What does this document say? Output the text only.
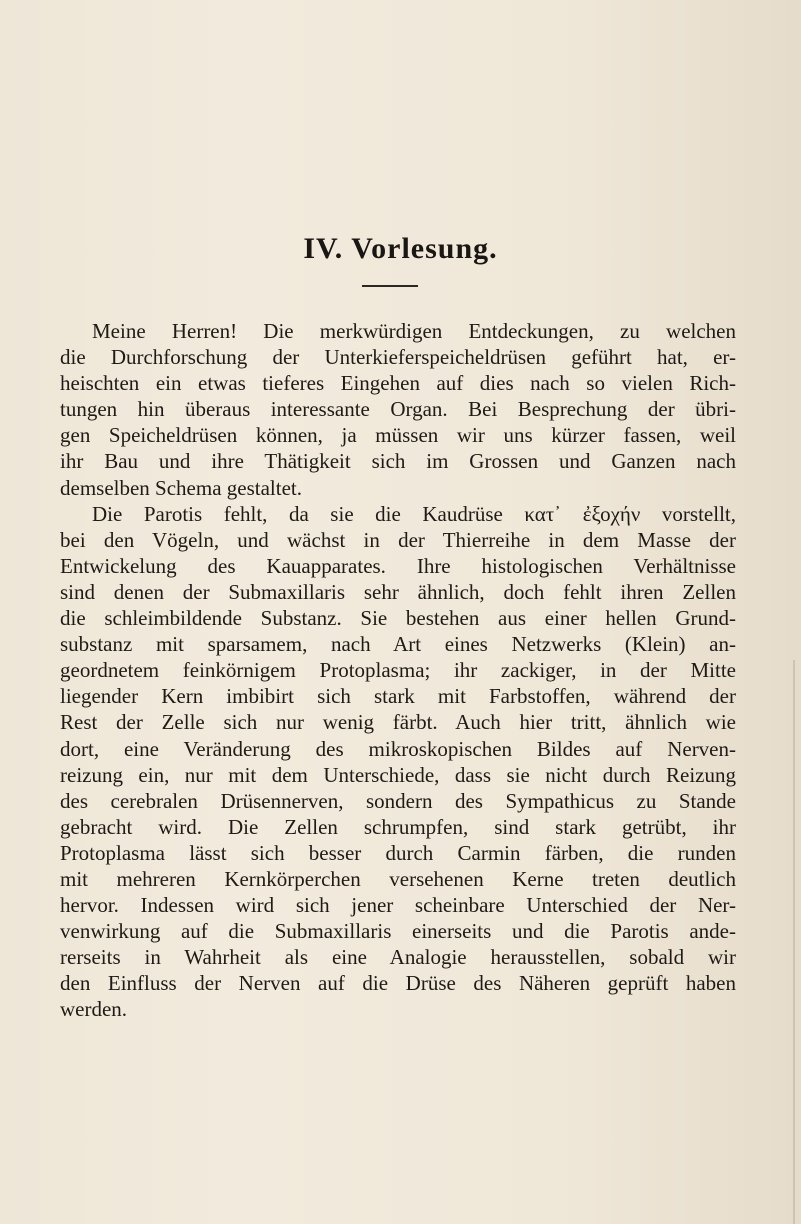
IV. Vorlesung.
Meine Herren! Die merkwürdigen Entdeckungen, zu welchen
die Durchforschung der Unterkieferspeicheldrüsen geführt hat, er-
heischten ein etwas tieferes Eingehen auf dies nach so vielen Rich-
tungen hin überaus interessante Organ. Bei Besprechung der übri-
gen Speicheldrüsen können, ja müssen wir uns kürzer fassen, weil
ihr Bau und ihre Thätigkeit sich im Grossen und Ganzen nach
demselben Schema gestaltet.
Die Parotis fehlt, da sie die Kaudrüse κατ᾽ ἐξοχήν vorstellt,
bei den Vögeln, und wächst in der Thierreihe in dem Masse der
Entwickelung des Kauapparates. Ihre histologischen Verhältnisse
sind denen der Submaxillaris sehr ähnlich, doch fehlt ihren Zellen
die schleimbildende Substanz. Sie bestehen aus einer hellen Grund-
substanz mit sparsamem, nach Art eines Netzwerks (Klein) an-
geordnetem feinkörnigem Protoplasma; ihr zackiger, in der Mitte
liegender Kern imbibirt sich stark mit Farbstoffen, während der
Rest der Zelle sich nur wenig färbt. Auch hier tritt, ähnlich wie
dort, eine Veränderung des mikroskopischen Bildes auf Nerven-
reizung ein, nur mit dem Unterschiede, dass sie nicht durch Reizung
des cerebralen Drüsennerven, sondern des Sympathicus zu Stande
gebracht wird. Die Zellen schrumpfen, sind stark getrübt, ihr
Protoplasma lässt sich besser durch Carmin färben, die runden
mit mehreren Kernkörperchen versehenen Kerne treten deutlich
hervor. Indessen wird sich jener scheinbare Unterschied der Ner-
venwirkung auf die Submaxillaris einerseits und die Parotis ande-
rerseits in Wahrheit als eine Analogie herausstellen, sobald wir
den Einfluss der Nerven auf die Drüse des Näheren geprüft haben
werden.
